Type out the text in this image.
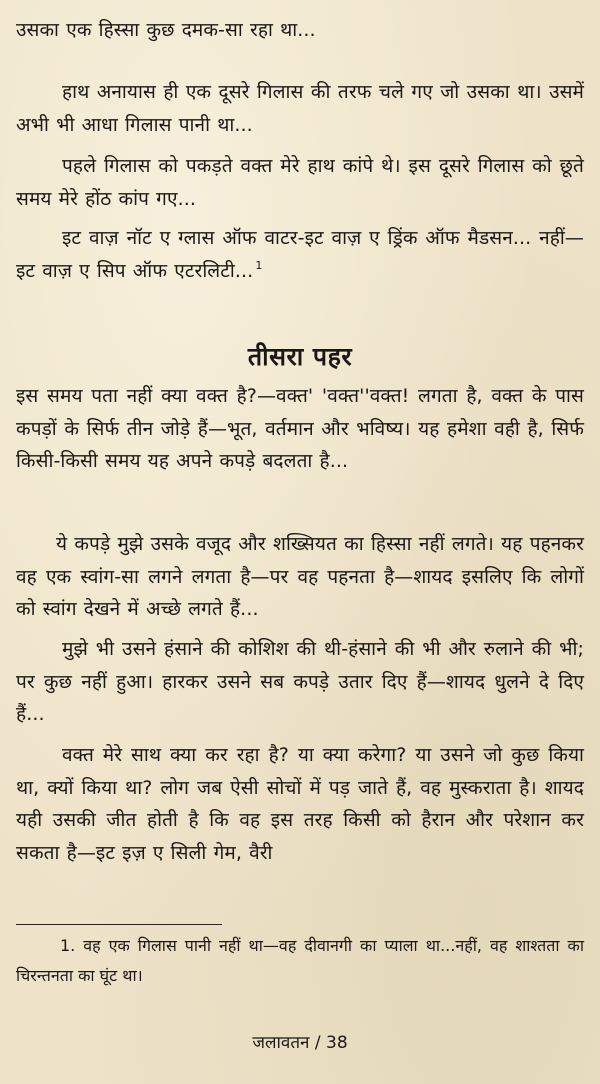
उसका एक हिस्सा कुछ दमक-सा रहा था...

हाथ अनायास ही एक दूसरे गिलास की तरफ चले गए जो उसका था। उसमें अभी भी आधा गिलास पानी था...

पहले गिलास को पकड़ते वक्त मेरे हाथ कांपे थे। इस दूसरे गिलास को छूते समय मेरे होंठ कांप गए...

इट वाज़ नॉट ए ग्लास ऑफ वाटर-इट वाज़ ए ड्रिंक ऑफ मैडसन... नहीं—इट वाज़ ए सिप ऑफ एटरलिटी... $^1$

तीसरा पहर

इस समय पता नहीं क्या वक्त है?—वक्त' 'वक्त''वक्त! लगता है, वक्त के पास कपड़ों के सिर्फ तीन जोड़े हैं—भूत, वर्तमान और भविष्य। यह हमेशा वही है, सिर्फ किसी-किसी समय यह अपने कपड़े बदलता है...

ये कपड़े मुझे उसके वजूद और शख्सियत का हिस्सा नहीं लगते। यह पहनकर वह एक स्वांग-सा लगने लगता है—पर वह पहनता है—शायद इसलिए कि लोगों को स्वांग देखने में अच्छे लगते हैं...

मुझे भी उसने हंसाने की कोशिश की थी-हंसाने की भी और रुलाने की भी; पर कुछ नहीं हुआ। हारकर उसने सब कपड़े उतार दिए हैं—शायद धुलने दे दिए हैं...

वक्त मेरे साथ क्या कर रहा है? या क्या करेगा? या उसने जो कुछ किया था, क्यों किया था? लोग जब ऐसी सोचों में पड़ जाते हैं, वह मुस्कराता है। शायद यही उसकी जीत होती है कि वह इस तरह किसी को हैरान और परेशान कर सकता है—इट इज़ ए सिली गेम, वैरी

1. वह एक गिलास पानी नहीं था—वह दीवानगी का प्याला था...नहीं, वह शाश्तता का चिरन्तनता का घूंट था।

जलावतन / 38
